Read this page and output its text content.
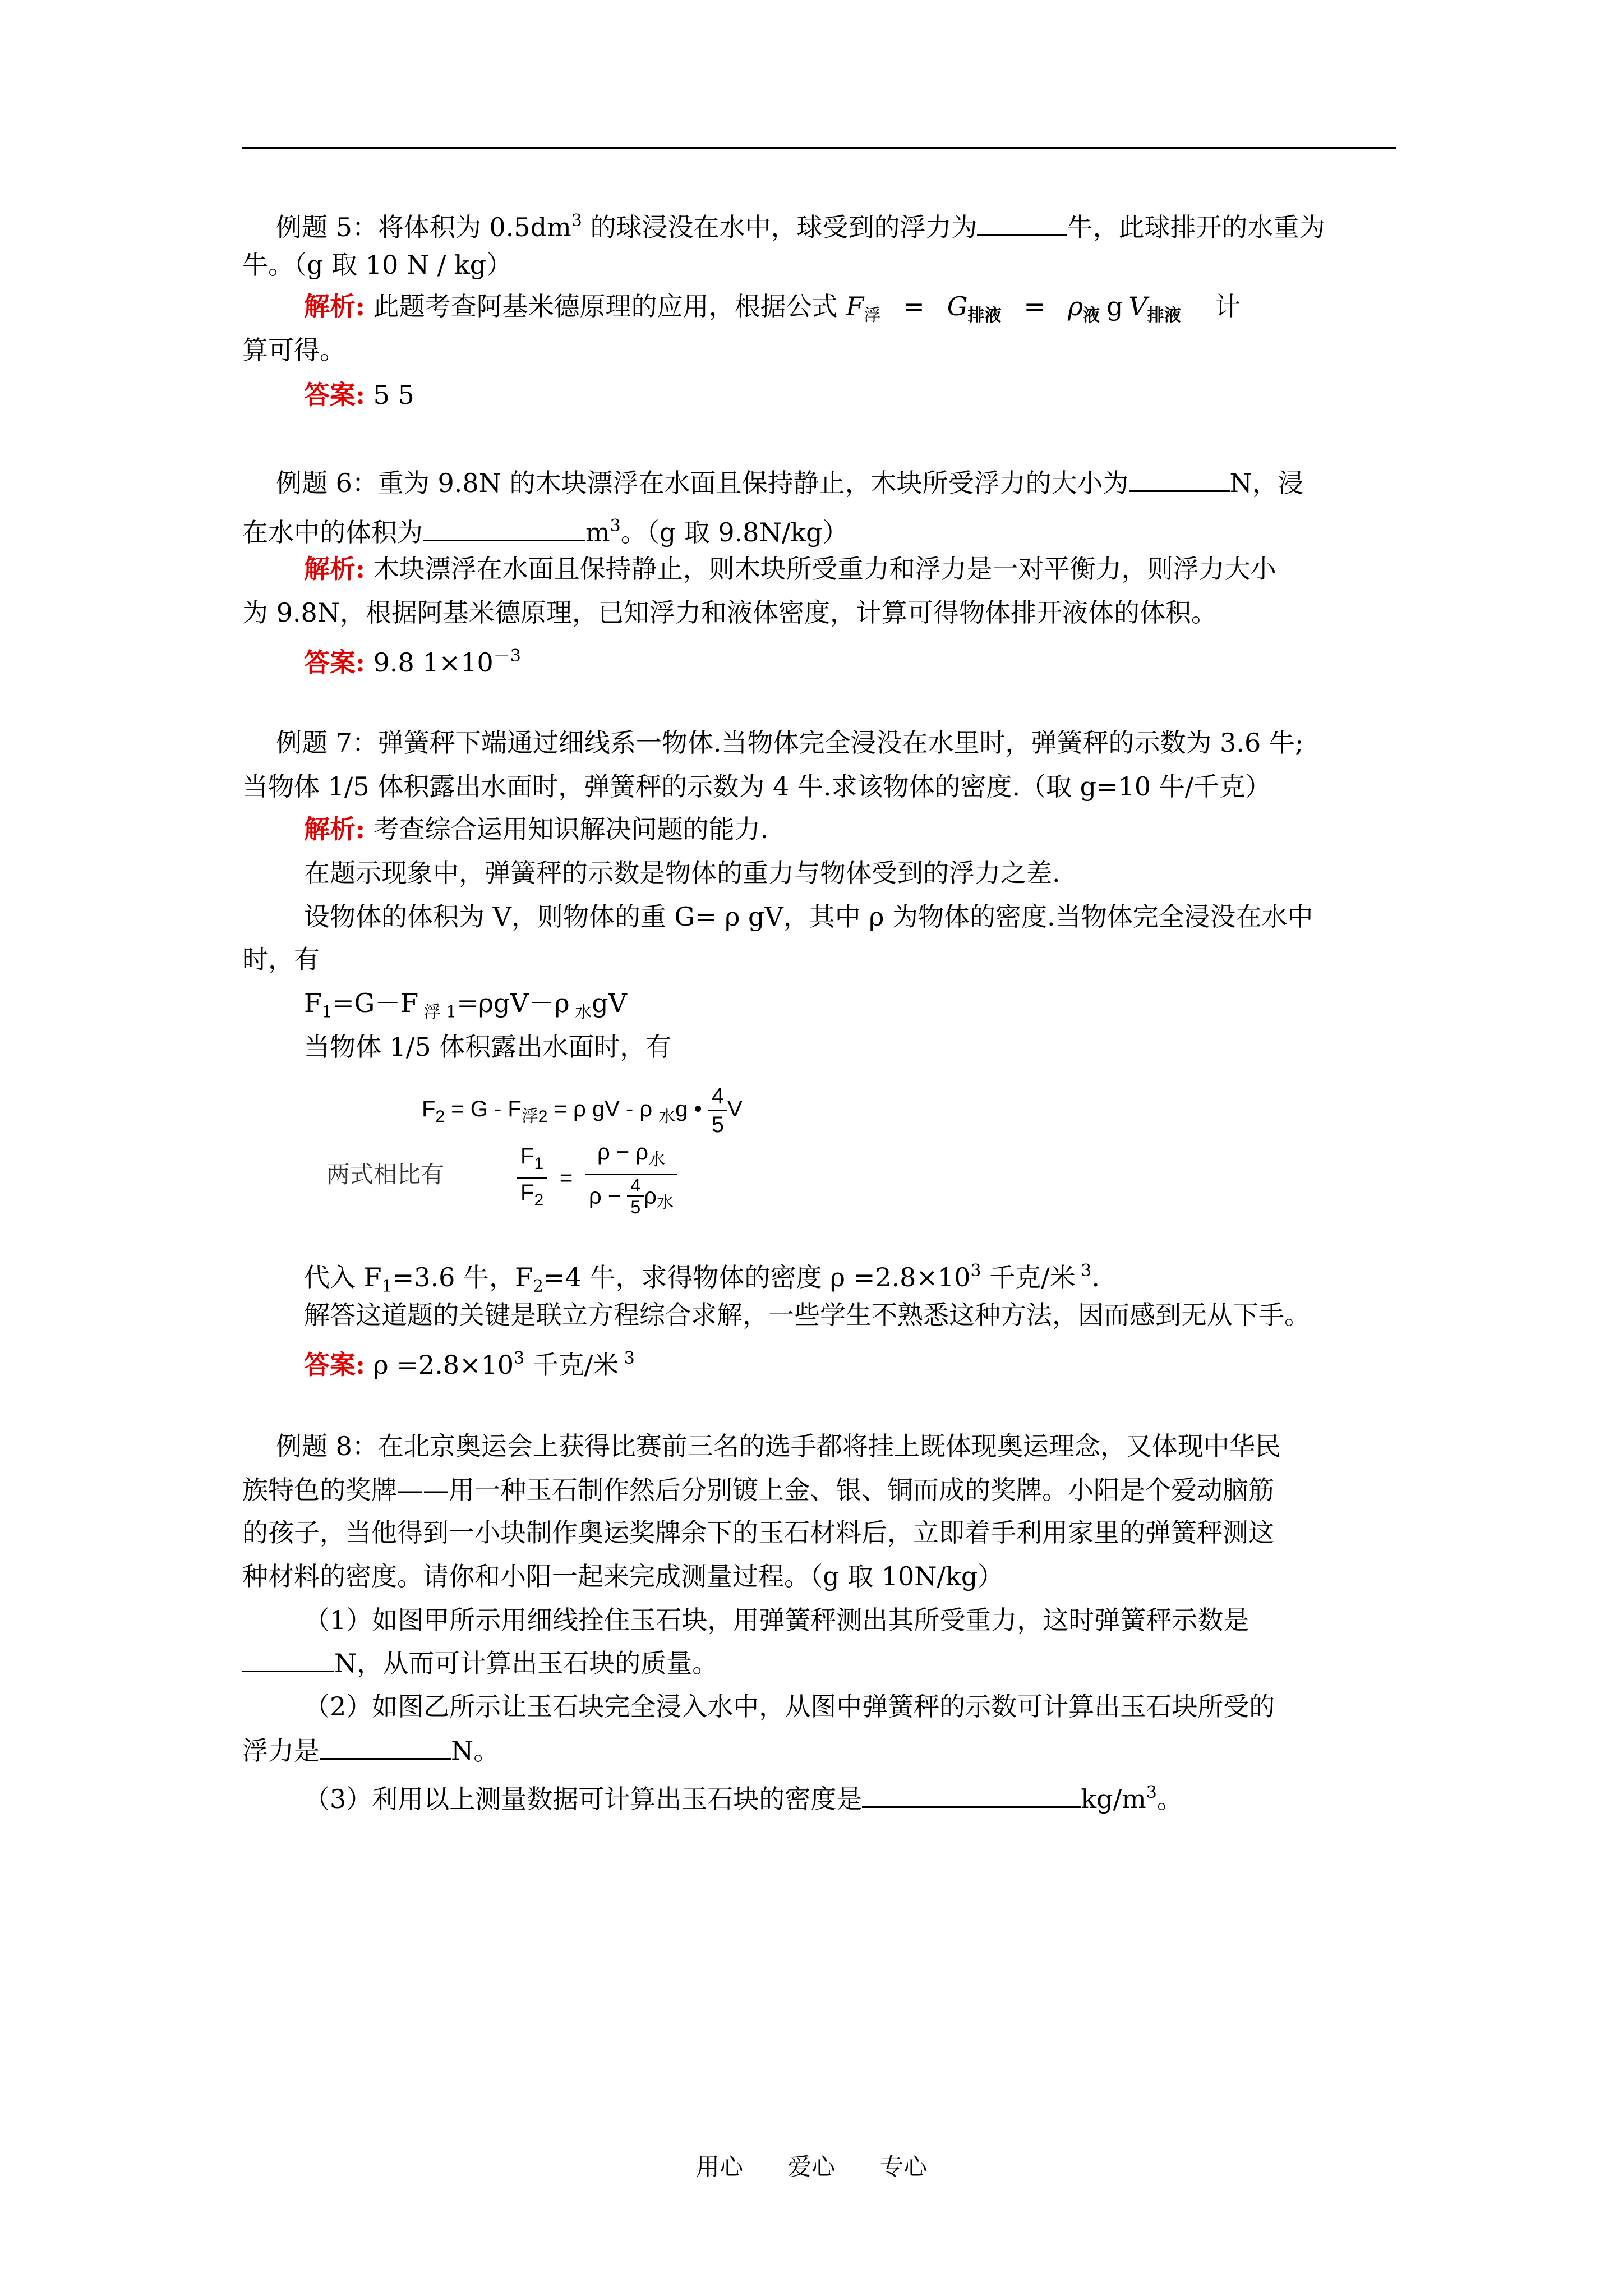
例题 5：将体积为 $0.5dm^3$ 的球浸没在水中，球受到的浮力为	牛，此球排开的水重为
牛。（g 取 10 N / kg）
解析: 此题考查阿基米德原理的应用，根据公式 $F_浮 = G_{排液} = \rho_液$ g $V_{排液}$ 计
算可得。
答案: 5 5
例题 6：重为 9.8N 的木块漂浮在水面且保持静止，木块所受浮力的大小为	N，浸
在水中的体积为	$m^3$。（g 取 9.8N/kg）
解析: 木块漂浮在水面且保持静止，则木块所受重力和浮力是一对平衡力，则浮力大小
为 9.8N，根据阿基米德原理，已知浮力和液体密度，计算可得物体排开液体的体积。
答案: 9.8 $1\times 10^{-3}$
例题 7：弹簧秤下端通过细线系一物体.当物体完全浸没在水里时，弹簧秤的示数为 3.6 牛;
当物体 1/5 体积露出水面时，弹簧秤的示数为 4 牛.求该物体的密度.（取 g=10 牛/千克）
解析: 考查综合运用知识解决问题的能力.
在题示现象中，弹簧秤的示数是物体的重力与物体受到的浮力之差.
设物体的体积为 V，则物体的重 G= ρ gV，其中 ρ 为物体的密度.当物体完全浸没在水中
时，有
$F_1=G-F$ $_{浮 1}$=ρgV－ρ $_水$gV
当物体 1/5 体积露出水面时，有
$F_2 = G - F_{浮2} = \rho$ gV - ρ $_水$g • $\frac{4}{5}$ V
两式相比有	$\frac{F_1}{F_2} = \frac{\rho - \rho_水}{\rho - \frac{4}{5} \rho_水}$
代入 $F_1=3.6$ 牛，$F_2=4$ 牛，求得物体的密度 $\rho =2.8\times 10^3$ 千克/米 $^3$.
解答这道题的关键是联立方程综合求解，一些学生不熟悉这种方法，因而感到无从下手。
答案: $\rho =2.8\times 10^3$ 千克/米 $^3$
例题 8：在北京奥运会上获得比赛前三名的选手都将挂上既体现奥运理念，又体现中华民
族特色的奖牌——用一种玉石制作然后分别镀上金、银、铜而成的奖牌。小阳是个爱动脑筋
的孩子，当他得到一小块制作奥运奖牌余下的玉石材料后，立即着手利用家里的弹簧秤测这
种材料的密度。请你和小阳一起来完成测量过程。（g 取 10N/kg）
（1）如图甲所示用细线拴住玉石块，用弹簧秤测出其所受重力，这时弹簧秤示数是
N，从而可计算出玉石块的质量。
（2）如图乙所示让玉石块完全浸入水中，从图中弹簧秤的示数可计算出玉石块所受的
浮力是	N。
（3）利用以上测量数据可计算出玉石块的密度是	$kg/m^3$。
用心 爱心 专心
